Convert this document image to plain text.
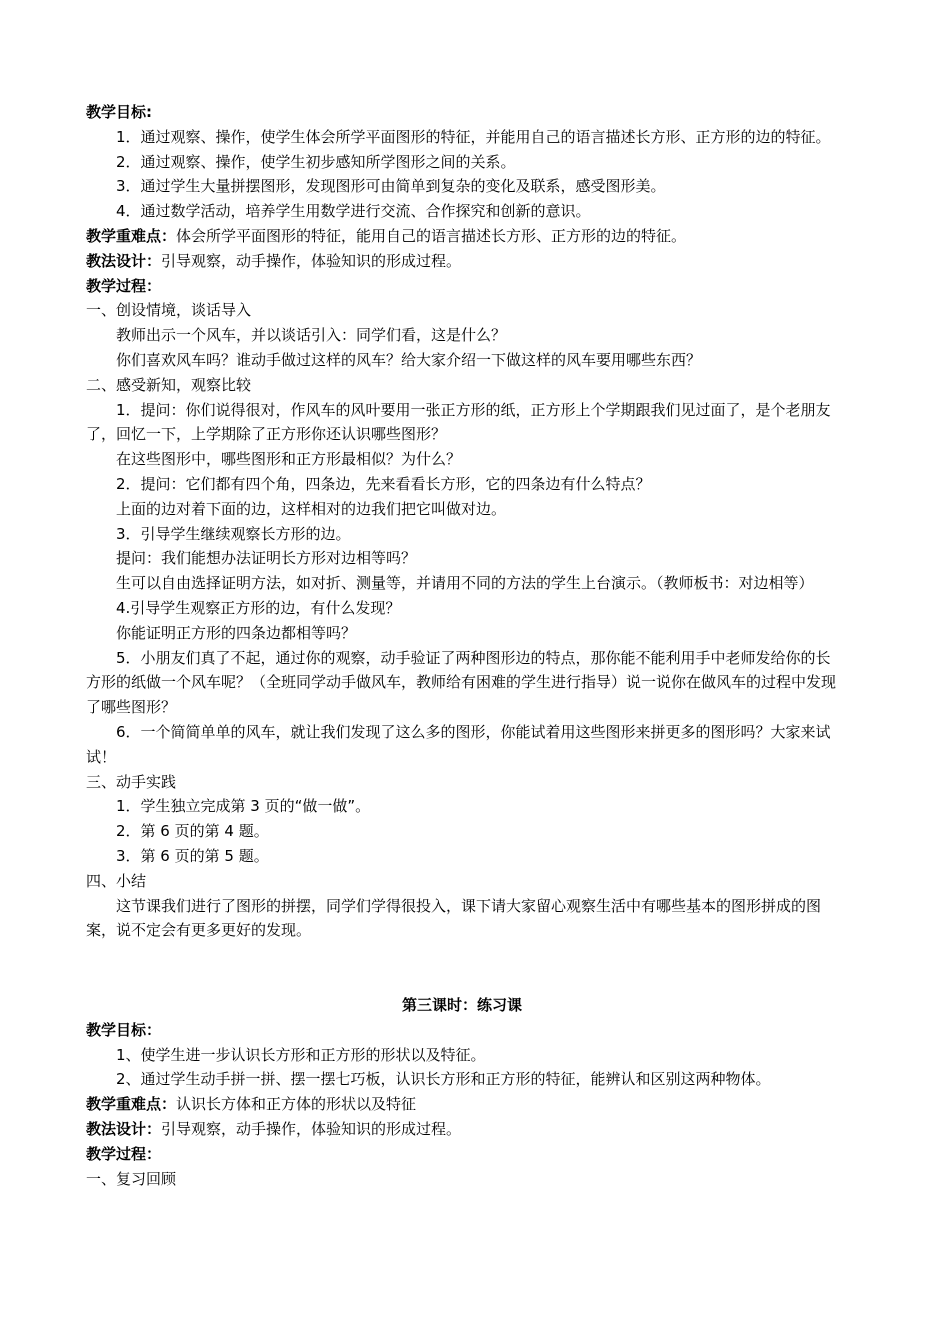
教学目标:
1．通过观察、操作，使学生体会所学平面图形的特征，并能用自己的语言描述长方形、正方形的边的特征。
2．通过观察、操作，使学生初步感知所学图形之间的关系。
3．通过学生大量拼摆图形，发现图形可由简单到复杂的变化及联系，感受图形美。
4．通过数学活动，培养学生用数学进行交流、合作探究和创新的意识。
教学重难点：体会所学平面图形的特征，能用自己的语言描述长方形、正方形的边的特征。
教法设计：引导观察，动手操作，体验知识的形成过程。
教学过程：
一、创设情境，谈话导入
教师出示一个风车，并以谈话引入：同学们看，这是什么？
你们喜欢风车吗？谁动手做过这样的风车？给大家介绍一下做这样的风车要用哪些东西？
二、感受新知，观察比较
1．提问：你们说得很对，作风车的风叶要用一张正方形的纸，正方形上个学期跟我们见过面了，是个老朋友了，回忆一下，上学期除了正方形你还认识哪些图形？
在这些图形中，哪些图形和正方形最相似？为什么？
2．提问：它们都有四个角，四条边，先来看看长方形，它的四条边有什么特点？
上面的边对着下面的边，这样相对的边我们把它叫做对边。
3．引导学生继续观察长方形的边。
提问：我们能想办法证明长方形对边相等吗？
生可以自由选择证明方法，如对折、测量等，并请用不同的方法的学生上台演示。（教师板书：对边相等）
4.引导学生观察正方形的边，有什么发现？
你能证明正方形的四条边都相等吗？
5．小朋友们真了不起，通过你的观察，动手验证了两种图形边的特点，那你能不能利用手中老师发给你的长方形的纸做一个风车呢？（全班同学动手做风车，教师给有困难的学生进行指导）说一说你在做风车的过程中发现了哪些图形？
6．一个简简单单的风车，就让我们发现了这么多的图形，你能试着用这些图形来拼更多的图形吗？大家来试试！
三、动手实践
1．学生独立完成第 3 页的“做一做”。
2．第 6 页的第 4 题。
3．第 6 页的第 5 题。
四、小结
这节课我们进行了图形的拼摆，同学们学得很投入，课下请大家留心观察生活中有哪些基本的图形拼成的图案，说不定会有更多更好的发现。
第三课时：练习课
教学目标：
1、使学生进一步认识长方形和正方形的形状以及特征。
2、通过学生动手拼一拼、摆一摆七巧板，认识长方形和正方形的特征，能辨认和区别这两种物体。
教学重难点：认识长方体和正方体的形状以及特征
教法设计：引导观察，动手操作，体验知识的形成过程。
教学过程：
一、复习回顾
